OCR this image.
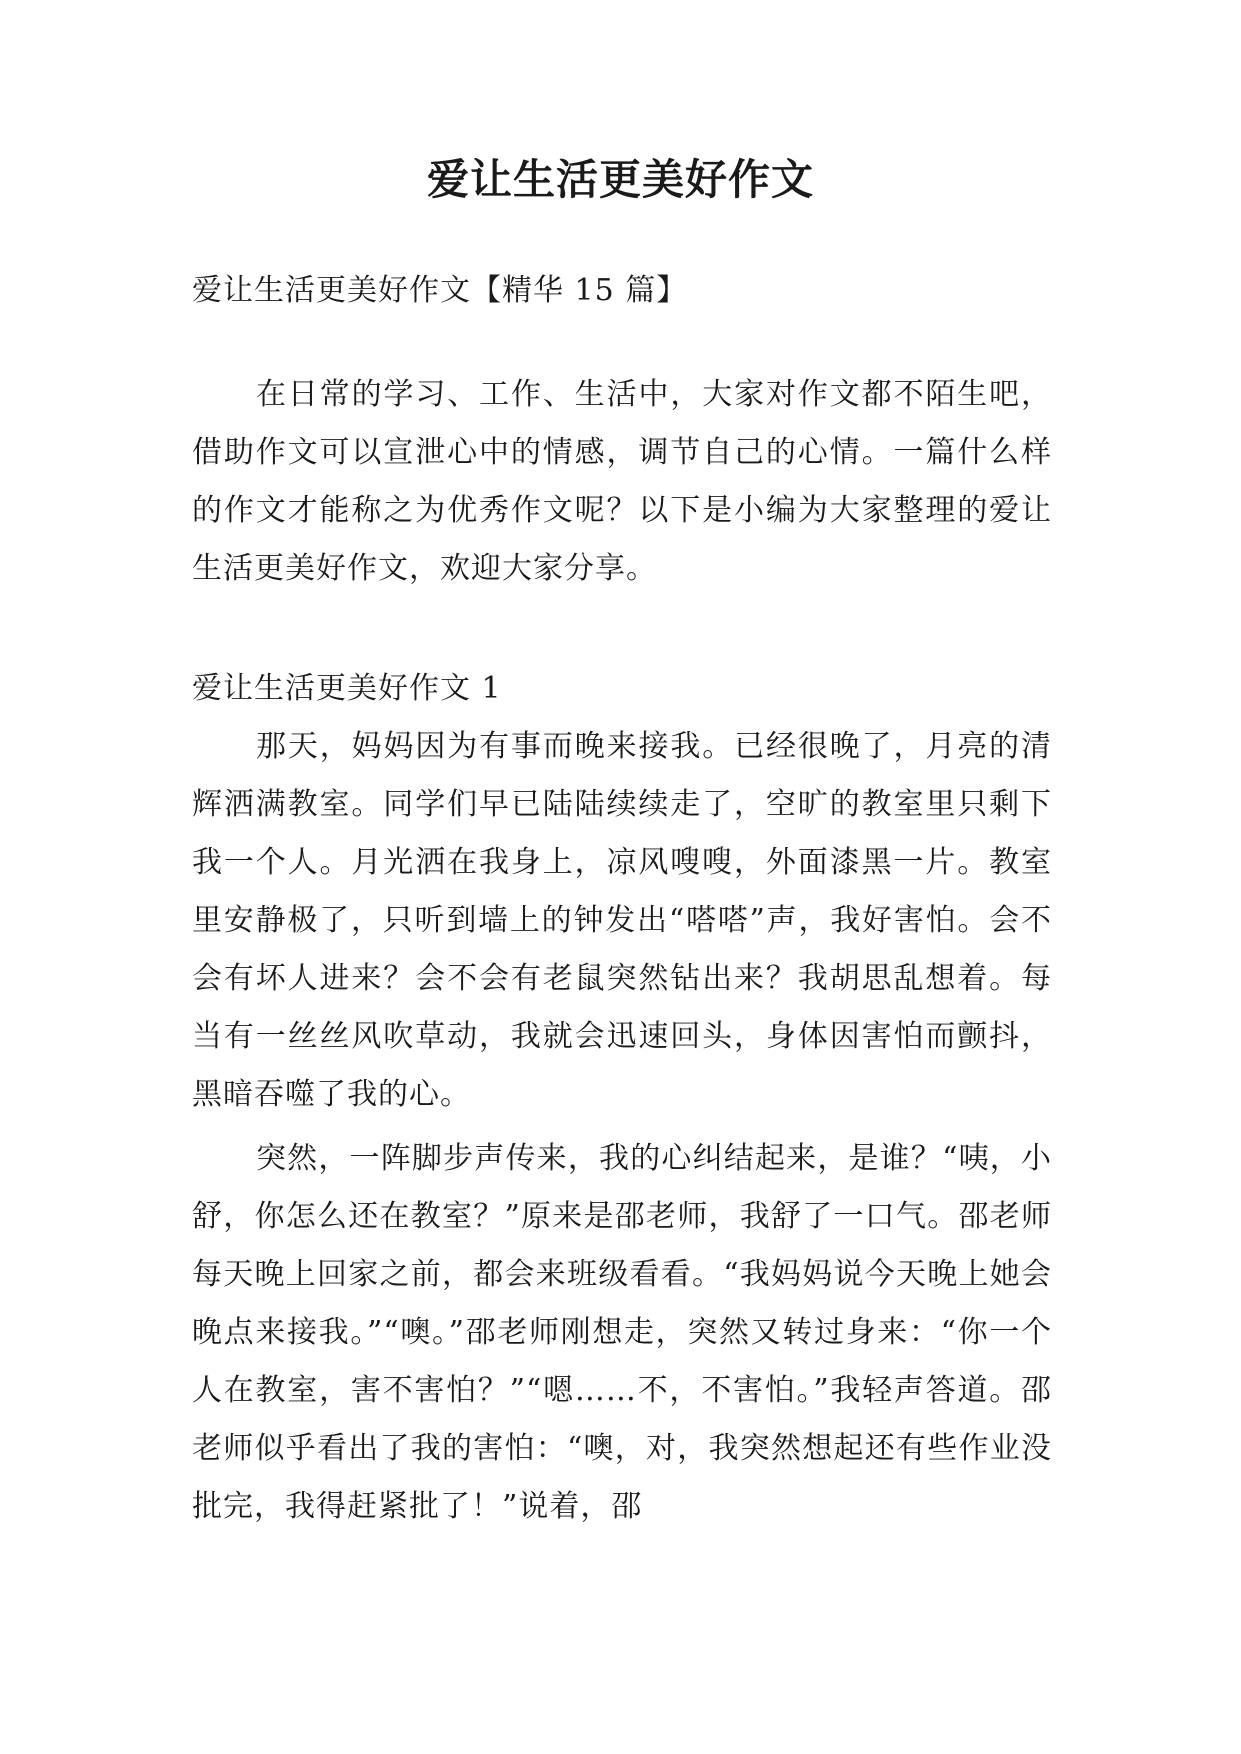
爱让生活更美好作文

爱让生活更美好作文【精华 15 篇】

在日常的学习、工作、生活中，大家对作文都不陌生吧，借助作文可以宣泄心中的情感，调节自己的心情。一篇什么样的作文才能称之为优秀作文呢？以下是小编为大家整理的爱让生活更美好作文，欢迎大家分享。

爱让生活更美好作文 1

那天，妈妈因为有事而晚来接我。已经很晚了，月亮的清辉洒满教室。同学们早已陆陆续续走了，空旷的教室里只剩下我一个人。月光洒在我身上，凉风嗖嗖，外面漆黑一片。教室里安静极了，只听到墙上的钟发出“嗒嗒”声，我好害怕。会不会有坏人进来？会不会有老鼠突然钻出来？我胡思乱想着。每当有一丝丝风吹草动，我就会迅速回头，身体因害怕而颤抖，黑暗吞噬了我的心。

突然，一阵脚步声传来，我的心纠结起来，是谁？“咦，小舒，你怎么还在教室？”原来是邵老师，我舒了一口气。邵老师每天晚上回家之前，都会来班级看看。“我妈妈说今天晚上她会晚点来接我。”“噢。”邵老师刚想走，突然又转过身来：“你一个人在教室，害不害怕？”“嗯……不，不害怕。”我轻声答道。邵老师似乎看出了我的害怕：“噢，对，我突然想起还有些作业没批完，我得赶紧批了！”说着，邵
